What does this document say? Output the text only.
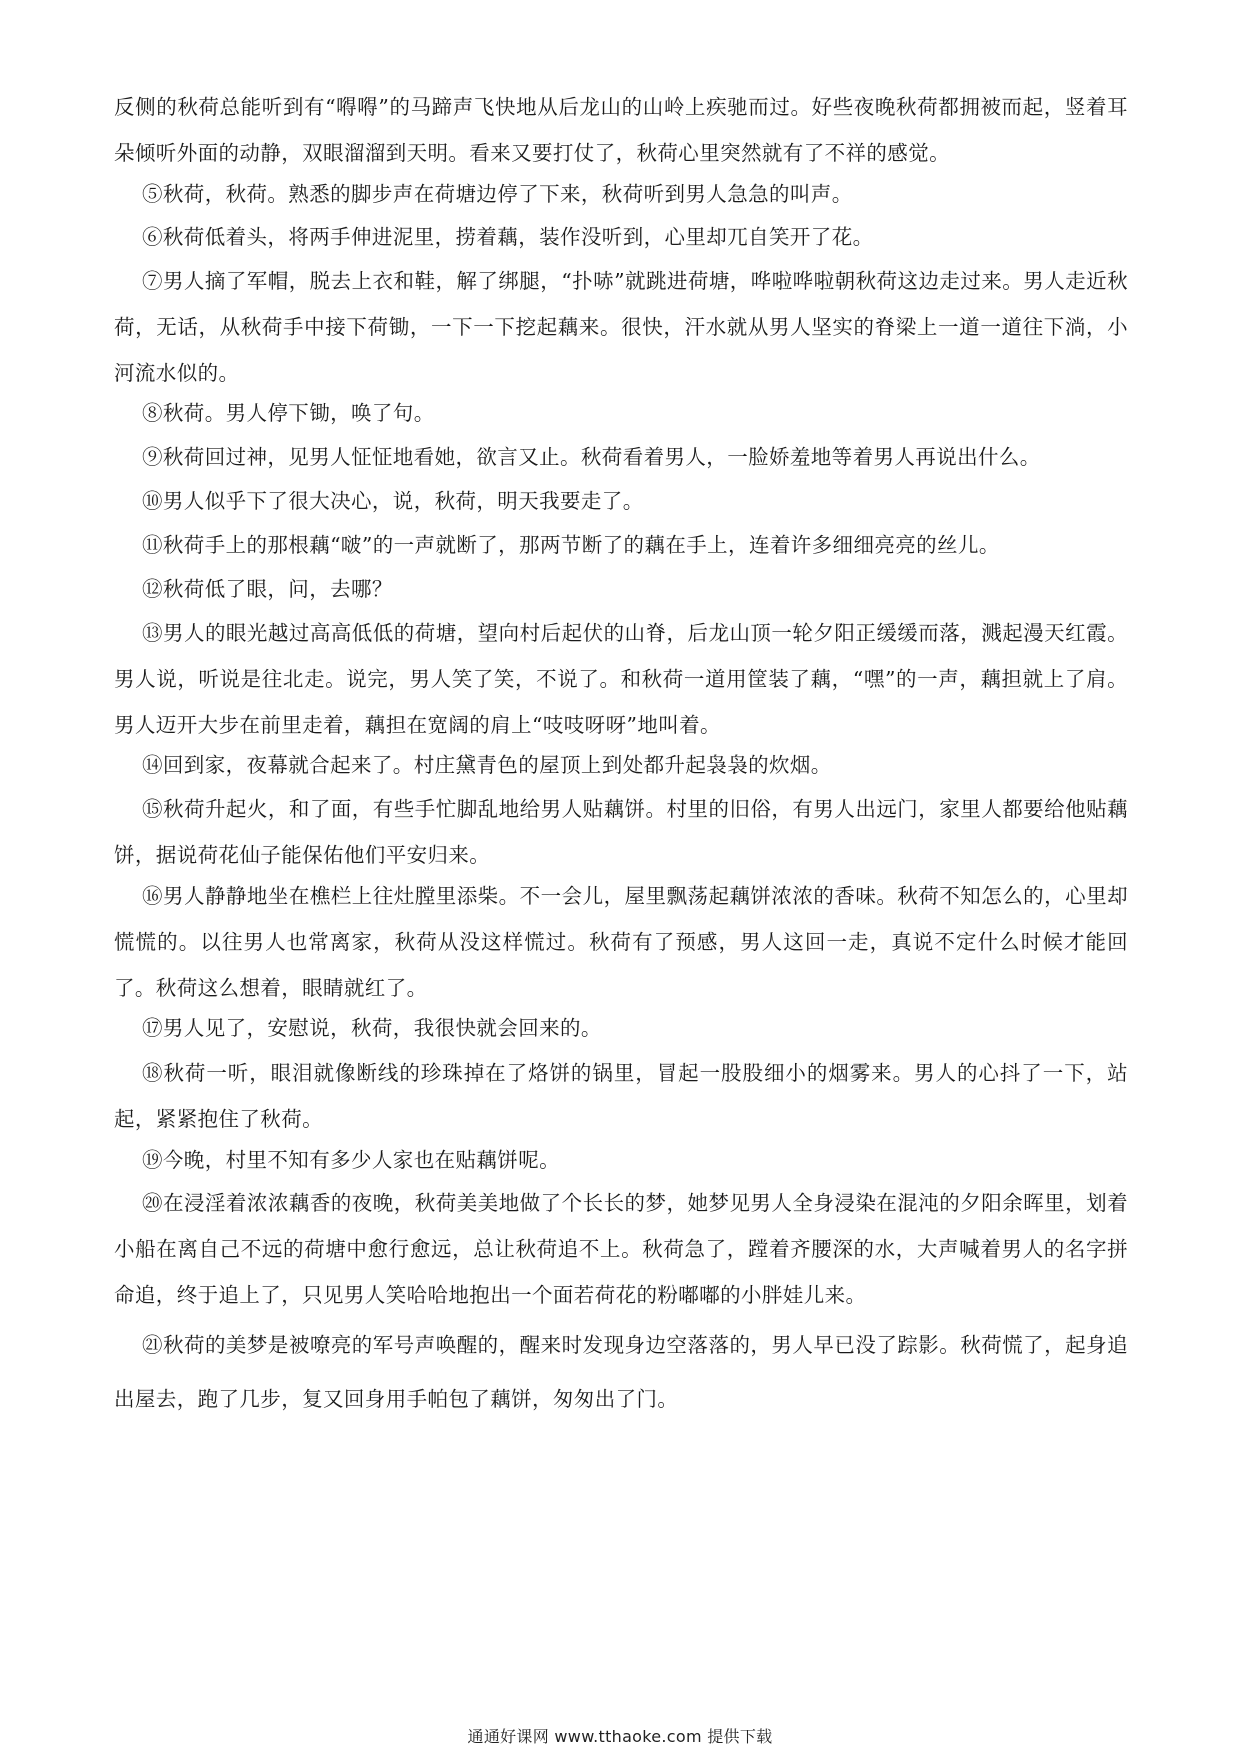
反侧的秋荷总能听到有“嘚嘚”的马蹄声飞快地从后龙山的山岭上疾驰而过。好些夜晚秋荷都拥被而起，竖着耳朵倾听外面的动静，双眼溜溜到天明。看来又要打仗了，秋荷心里突然就有了不祥的感觉。

⑤秋荷，秋荷。熟悉的脚步声在荷塘边停了下来，秋荷听到男人急急的叫声。

⑥秋荷低着头，将两手伸进泥里，捞着藕，装作没听到，心里却兀自笑开了花。

⑦男人摘了军帽，脱去上衣和鞋，解了绑腿，“扑哧”就跳进荷塘，哗啦哗啦朝秋荷这边走过来。男人走近秋荷，无话，从秋荷手中接下荷锄，一下一下挖起藕来。很快，汗水就从男人坚实的脊梁上一道一道往下淌，小河流水似的。

⑧秋荷。男人停下锄，唤了句。

⑨秋荷回过神，见男人怔怔地看她，欲言又止。秋荷看着男人，一脸娇羞地等着男人再说出什么。

⑩男人似乎下了很大决心，说，秋荷，明天我要走了。

⑪秋荷手上的那根藕“啵”的一声就断了，那两节断了的藕在手上，连着许多细细亮亮的丝儿。

⑫秋荷低了眼，问，去哪？

⑬男人的眼光越过高高低低的荷塘，望向村后起伏的山脊，后龙山顶一轮夕阳正缓缓而落，溅起漫天红霞。男人说，听说是往北走。说完，男人笑了笑，不说了。和秋荷一道用筐装了藕，“嘿”的一声，藕担就上了肩。男人迈开大步在前里走着，藕担在宽阔的肩上“吱吱呀呀”地叫着。

⑭回到家，夜幕就合起来了。村庄黛青色的屋顶上到处都升起袅袅的炊烟。

⑮秋荷升起火，和了面，有些手忙脚乱地给男人贴藕饼。村里的旧俗，有男人出远门，家里人都要给他贴藕饼，据说荷花仙子能保佑他们平安归来。

⑯男人静静地坐在樵栏上往灶膛里添柴。不一会儿，屋里飘荡起藕饼浓浓的香味。秋荷不知怎么的，心里却慌慌的。以往男人也常离家，秋荷从没这样慌过。秋荷有了预感，男人这回一走，真说不定什么时候才能回了。秋荷这么想着，眼睛就红了。

⑰男人见了，安慰说，秋荷，我很快就会回来的。

⑱秋荷一听，眼泪就像断线的珍珠掉在了烙饼的锅里，冒起一股股细小的烟雾来。男人的心抖了一下，站起，紧紧抱住了秋荷。

⑲今晚，村里不知有多少人家也在贴藕饼呢。

⑳在浸淫着浓浓藕香的夜晚，秋荷美美地做了个长长的梦，她梦见男人全身浸染在混沌的夕阳余晖里，划着小船在离自己不远的荷塘中愈行愈远，总让秋荷追不上。秋荷急了，蹚着齐腰深的水，大声喊着男人的名字拼命追，终于追上了，只见男人笑哈哈地抱出一个面若荷花的粉嘟嘟的小胖娃儿来。

㉑秋荷的美梦是被嘹亮的军号声唤醒的，醒来时发现身边空落落的，男人早已没了踪影。秋荷慌了，起身追出屋去，跑了几步，复又回身用手帕包了藕饼，匆匆出了门。

通通好课网 www.tthaoke.com 提供下载
